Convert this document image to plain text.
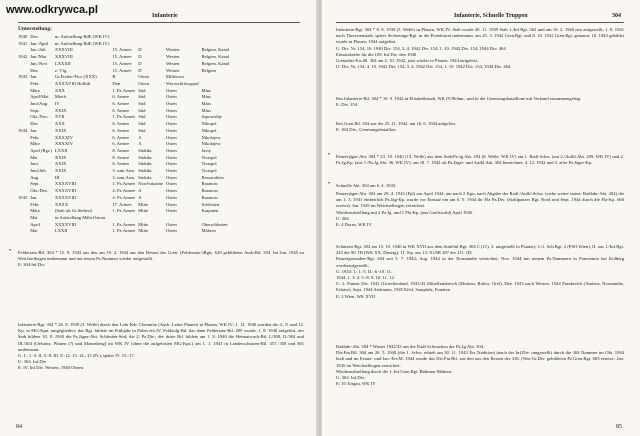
Infanterie
Unterstellung:
1940	Dez.	m. Aufstellung BdE (WK IV)				
1941	Jan./April	m. Aufstellung BdE (WK IV)				
	Jun./Juli	XXXVIII	15. Armee	D	Westen	Belgien, Kanal
1942	Jan./Mai	XXXVIII	15. Armee	D	Westen	Belgien, Kanal
	Jun./Nov.	LXXXII	15. Armee	D	Westen	Belgien, Kanal
	Dez.	z. Vfg.	15. Armee	D	Westen	Belgien
1943	Jan.	Gr.Fretter-Pico (XXX)	B	Osten	Millerovo	
	Febr.	XXXXVIII Hollidt	Don	Osten	Woroschilowgrad	
	März	XXX	1. Pz.Armee	Süd	Osten	Mius
	April/Mai	Mieth	6. Armee	Süd	Osten	Mius
	Juni/Aug.	IV	6. Armee	Süd	Osten	Mius
	Sept.	XXIX	6. Armee	Süd	Osten	Mius
	Okt./Nov.	XVII	1. Pz.Armee	Süd	Osten	Saporoshje
	Dez.	XXX	6. Armee	Süd	Osten	Nikopol
1944	Jan.	XXIX	6. Armee	Süd	Osten	Nikopol
	Febr.	XXXXIV	6. Armee	A	Osten	Nikolajew
	März	XXXXIV	6. Armee	A	Osten	Nikolajew
	April (Rgt.)	LXXII	8. Armee	Südukr.	Osten	Jassy
	Mai	XXIX	8. Armee	Südukr.	Osten	Tiraspol
	Juni	XXIX	6. Armee	Südukr.	Osten	Tiraspol
	Juni/Juli	XXIX	3. rum.Arm.	Südukr.	Osten	Tiraspol
	Aug.	III	3. rum.Arm.	Südukr.	Osten	Bessarabien
	Sept.	XXXXVIII	1. Pz.Armee	Nord-ukraine	Osten	Baranow
	Okt./Dez.	XXXXVIII	4. Pz.Armee	A	Osten	Baranow
1945	Jan.	XXXXVIII	4. Pz.Armee	A	Osten	Baranow
	Febr.	XXXX	17. Armee	Mitte	Osten	Schlesien
	März	(Stab als Gr.Siebert)	1. Pz.Armee	Mitte	Osten	Karpaten
	Mai	in Aufstellung Mähr.Ostrau				
	April	XXXXVIII	1. Pz.Armee	Mitte	Osten	Oberschlesien
	Mai	LXXII	1. Pz.Armee	Mitte	Osten	Mähren
• Feldersatz-Btl. 304 * 15. 9. 1943 aus den am 19. 2. 1944 aus den Resten des Gren. (Feldersatz-)Rgts. 620 gebildeten Ausb.Btl. 304. Im Jan. 1945 zu Weichselbogen umbenannt und mit neuen Pz.Nummer wieder aufgestellt.
E: 304 Inf.Div.
Infanterie-Rgt. 304 * 26. 8. 1939 (3. Welle) durch den Lehr Kdr. Chemnitz (Ausb. Leiter Plauen) in Plauen, WK IV; 1. 12. 1940 wurden die 4., 8. und 12. Kp. in MG-Kpn. umgegliedert; das Rgt. bildete im Frühjahr in Polen ein IV. Feldzulg-Btl. das dann Feldersatz-Btl. 209 wurde; 1. 8. 1940 aufgelöst, der Stab bildete 10. 8. 1940 die Pz.Jäger-Abt. Schlesien-Süd; die 2. Pz.Div.; der dritte Btl. bildete am 1. 8. 1940 die Heimatwach-Btl. L/308, II./304 und III./304 (Oelsnitz, Plauen (?) und Mannsberg) im WK IV (ohne die aufgelösten MG-Kps.) am 1. 1. 1941 in Landesschützen-Btl. 357, 358 und 361 umbenannt.
G: I.: 1.-4. II. 5.-8. III. 9.-12. 13. 14., 15 (Pi.), später IV. 15.-17.
U: 304. Inf.Div.
E: IV. Inf.Div. Westen, 1940 Oberst
84
Infanterie, Schnelle Truppen	304
Infanterie-Rgt. 304 * 8. 9. 1939 (3. Welle) in Plauen, WK IV; Stab wurde 28. 11. 1939 Stab 1./Inf.Rgt. 362 und am 16. 2. 1940 neu aufgestellt; 1. 8. 1941 nach Theresienstadt, später Sicherungs-Rgt. in die Protektorat umbenannt, am 25. 3. 1942 Gren.Rgt. und 8. 10. 1942 Gren.Rgt. genannt; 10. 1943 gebildet wurde in Plauen; 1944 aufgelöst.
U: Div. Nr. 154, 10. 1940 Div. 154, 3. 4. 1942 Div. 154, 1. 10. 1942 Div. 154, 1944 Div. 464
Einsatzkräfte für die 109. Inf.Div. den 1940
Grenadier-Ers.Bl. 304 am 2. 10. 1942, jetzt wieder in Plauen, 1944 aufgelöst.
U: Div. Nr. 154, 4. 10. 1942 Div. 154, 3. 4. 1942 Div. 154, 1. 10. 1942 Div. 154, 1944 Div. 464.
Res.Infanterie-Btl. 304 * 10. 9. 1942 in Elisabethstadt, WK IV/Böhm., und in der Genesungsbataillone mit Verband zusammengelegt
E: Div. 154
Res.Gren.Btl. 304 aus der 25. 11. 1942, am 16. 6. 1944 aufgelöst.
E: 304 Div., Genesungsbataillon
• Panzerjäger-Abt. 304 * 23. 10. 1940 (13. Welle) aus dem Stab/Pz.Jg.Abt. 294 (8. Welle, WK IV) am 1. Radf.Schw. (am 2./Aufkl.Abt. 209, WK IV) und 2. Pz.Jg.Kp. (aus 1./Pz.Jg.Abt. 36, WK IV); am 18. 7. 1942 als Pz.Jäger- und Aufkl.Abt. 304 bezeichnet; 3. 12. 1942 und 3. aller Pz.Jäger-Kp.
• Schnelle Abt. 304 am 6. 4. 1943.
Panzerjäger-Abt. 304 am 29. 4. 1943 (Fpl) am April 1944; am nach 2 Kpn. nach Abgabe der Radf./Aufkl.Schw. (siehe weiter unten: Radfahr-Abt. 304) die am 1. 3. 1941 einheitlich Pz.Jäg-Kp. wurde vor Einsatz ein am 6. 5. 1944 ihr Fla Pz.Div. (Stahlpanzer Rgt. Nord und Sept. 1944 durch die Fla-Kp. 660 ersetzt); Jan. 1945 im Weichselbogen vernichtet.
Wiederaufstellung mit 2 Pz.Jg. und 1 Fla-Kp. (aus Greifswald) April 1945.
U: 304
E: 4 Dorns, WK IV
Schützen-Rgt. 304 am 15. 10. 1940 in WK XVII aus dem Stab/Inf.Rgt. 304 C (11), 3. umgestellt in Plauen); 3./1. Sch.Rgt. 2 (PSO Wien), II. aus 1./Inf.Rgt. 243 der 90. ID (WK XX, Danzig); 11. Kp. aus 13. IG/SR 287 der 211. ID;
Panzergrenadier-Rgt. 304 seit 5. 7. 1942; Aug. 1944 in der Normandie vernichtet; Nov. 1944 mit neuem Pz.Nummern in Pomerania bei Kolberg wiederaufgestellt.
G: 1943: I.: 1.-5. II.: 6.-10. 11.
1944: 1. 3. 4. 5.-8. 9. 10. 11. 12.
U: 2. Panzer Div. 1941 (Griechenland, 1941/43 Mittelfrankreich (Moskau, Ralow, Orel), Dez. 1943 nach Westen, 1944 Frankreich (Amiens, Normandie, Falaise), Sept. 1944 Ardennen, 1945 Eifel, Saarpfalz, Franken
E: 2 Wien, WK XVII
Radfahr-Abt. 304 * Winter 1942/43 aus der Radf.Schwadron der Pz.Jg.Abt. 304.
Die.Fm.Bil. 304 am 26. 5. 1940 (die 1. Schw. erhielt am 30. 11. 1943 Ers.Tradition) (nach der Inf.Div. umgestellt) durch die 304 Nummer im Okt. 1944 hieß und im Ersatz- und Jan.-Ers.M. 1944 wurde das Div.Fm.Btl. aus den aus den Resten der 336. (Neu-Gr.Div. gebildeten Pz.Gren.Rgt. 683 ersetzt.; Jan. 1945 im Weichselbogen vernichtet.
Wiederaufstellung durch die 1. Inf.Gren.Rgt. Böhmen-Mähren.
U: 304. Inf.Div.
E: 10 Torgau, WK IV
85
www.odkrywca.pl
